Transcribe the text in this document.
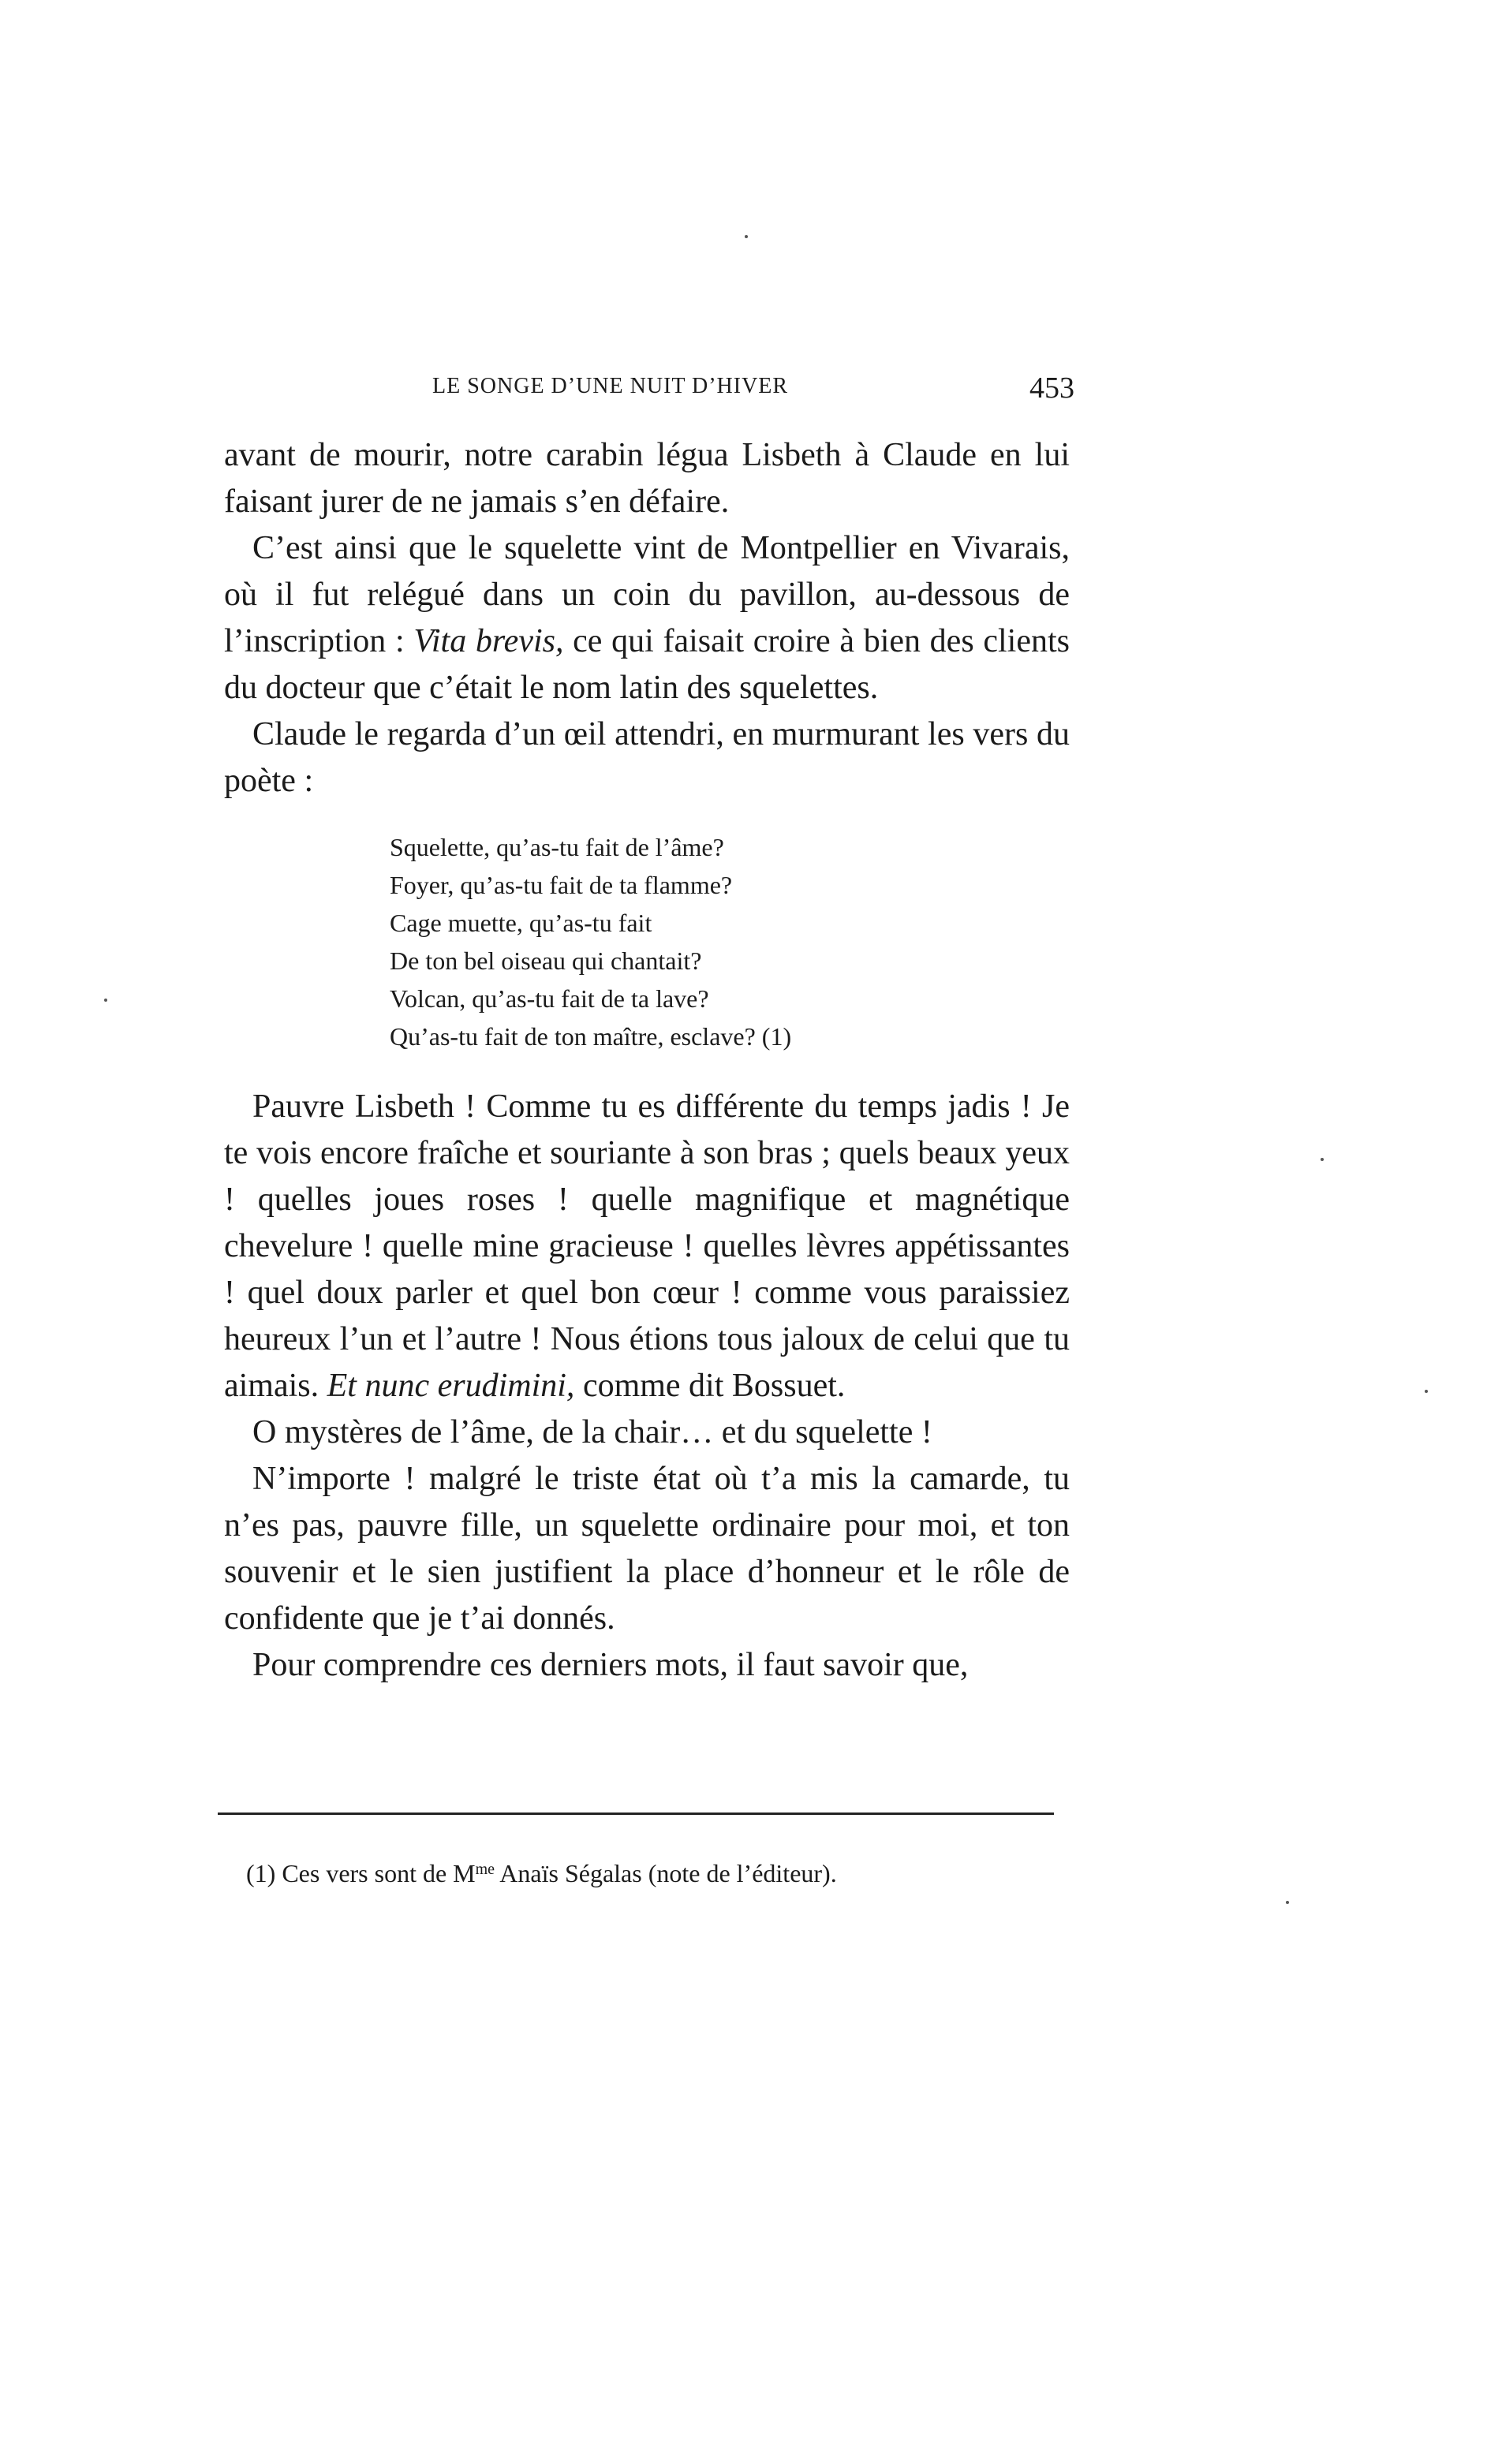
LE SONGE D’UNE NUIT D’HIVER	453

avant de mourir, notre carabin légua Lisbeth à Claude en lui faisant jurer de ne jamais s’en défaire.

C’est ainsi que le squelette vint de Montpellier en Vivarais, où il fut relégué dans un coin du pavillon, au-dessous de l’inscription : Vita brevis, ce qui faisait croire à bien des clients du docteur que c’était le nom latin des squelettes.

Claude le regarda d’un œil attendri, en murmurant les vers du poète :

Squelette, qu’as-tu fait de l’âme?
Foyer, qu’as-tu fait de ta flamme?
Cage muette, qu’as-tu fait
De ton bel oiseau qui chantait?
Volcan, qu’as-tu fait de ta lave?
Qu’as-tu fait de ton maître, esclave? (1)

Pauvre Lisbeth ! Comme tu es différente du temps jadis ! Je te vois encore fraîche et souriante à son bras ; quels beaux yeux ! quelles joues roses ! quelle magnifique et magnétique chevelure ! quelle mine gracieuse ! quelles lèvres appétissantes ! quel doux parler et quel bon cœur ! comme vous paraissiez heureux l’un et l’autre ! Nous étions tous jaloux de celui que tu aimais. Et nunc erudimini, comme dit Bossuet.

O mystères de l’âme, de la chair… et du squelette !

N’importe ! malgré le triste état où t’a mis la camarde, tu n’es pas, pauvre fille, un squelette ordinaire pour moi, et ton souvenir et le sien justifient la place d’honneur et le rôle de confidente que je t’ai donnés.

Pour comprendre ces derniers mots, il faut savoir que,

(1) Ces vers sont de $M^{me}$ Anaïs Ségalas (note de l’éditeur).
